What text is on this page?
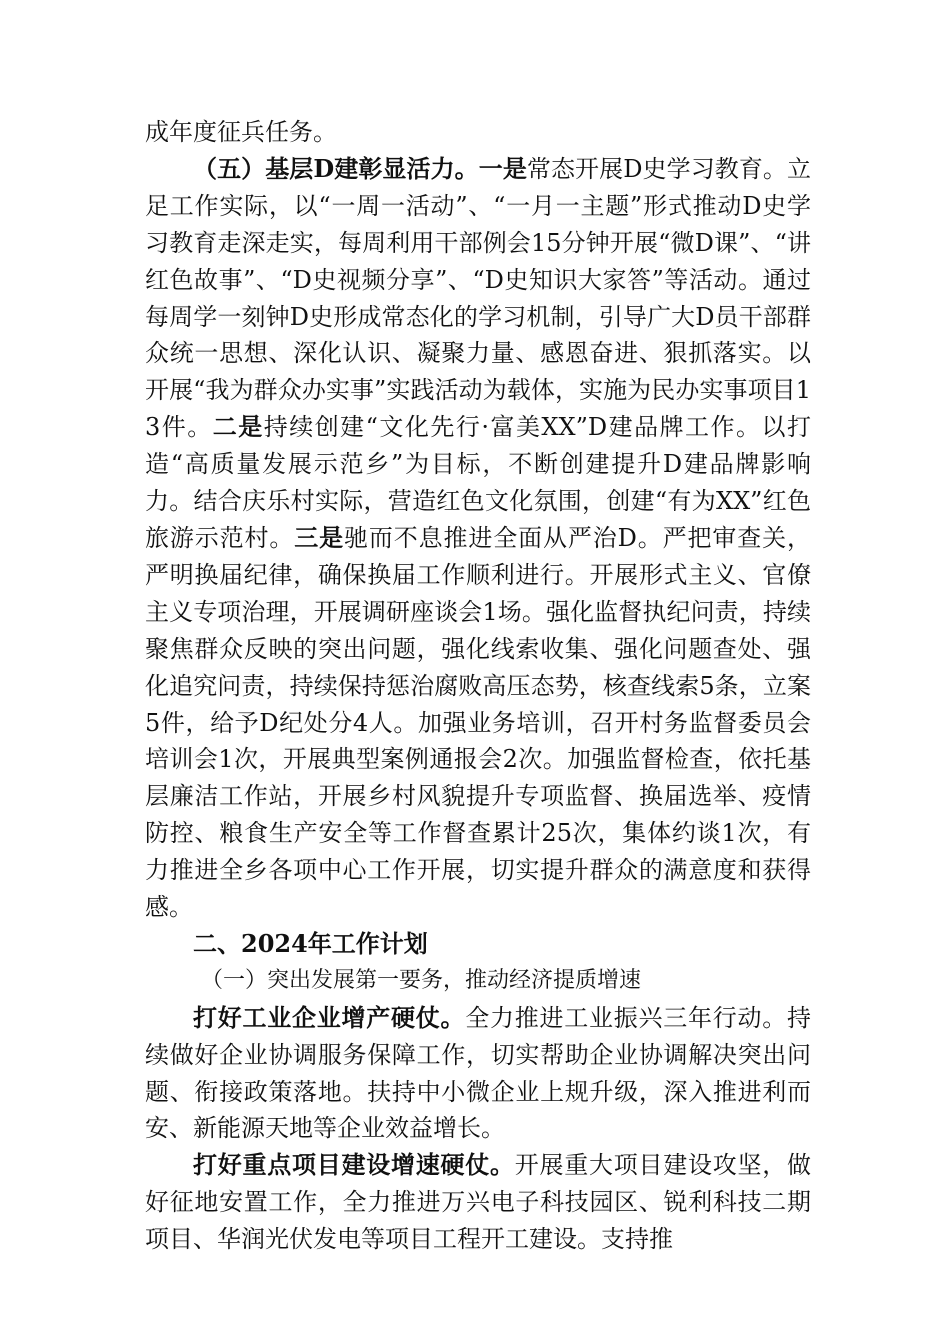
成年度征兵任务。

（五）基层D建彰显活力。一是常态开展D史学习教育。立足工作实际，以“一周一活动”、“一月一主题”形式推动D史学习教育走深走实，每周利用干部例会15分钟开展“微D课”、“讲红色故事”、“D史视频分享”、“D史知识大家答”等活动。通过每周学一刻钟D史形成常态化的学习机制，引导广大D员干部群众统一思想、深化认识、凝聚力量、感恩奋进、狠抓落实。以开展“我为群众办实事”实践活动为载体，实施为民办实事项目13件。二是持续创建“文化先行·富美XX”D建品牌工作。以打造“高质量发展示范乡”为目标，不断创建提升D建品牌影响力。结合庆乐村实际，营造红色文化氛围，创建“有为XX”红色旅游示范村。三是驰而不息推进全面从严治D。严把审查关，严明换届纪律，确保换届工作顺利进行。开展形式主义、官僚主义专项治理，开展调研座谈会1场。强化监督执纪问责，持续聚焦群众反映的突出问题，强化线索收集、强化问题查处、强化追究问责，持续保持惩治腐败高压态势，核查线索5条，立案5件，给予D纪处分4人。加强业务培训，召开村务监督委员会培训会1次，开展典型案例通报会2次。加强监督检查，依托基层廉洁工作站，开展乡村风貌提升专项监督、换届选举、疫情防控、粮食生产安全等工作督查累计25次，集体约谈1次，有力推进全乡各项中心工作开展，切实提升群众的满意度和获得感。

二、2024年工作计划

（一）突出发展第一要务，推动经济提质增速

打好工业企业增产硬仗。全力推进工业振兴三年行动。持续做好企业协调服务保障工作，切实帮助企业协调解决突出问题、衔接政策落地。扶持中小微企业上规升级，深入推进利而安、新能源天地等企业效益增长。

打好重点项目建设增速硬仗。开展重大项目建设攻坚，做好征地安置工作，全力推进万兴电子科技园区、锐利科技二期项目、华润光伏发电等项目工程开工建设。支持推
